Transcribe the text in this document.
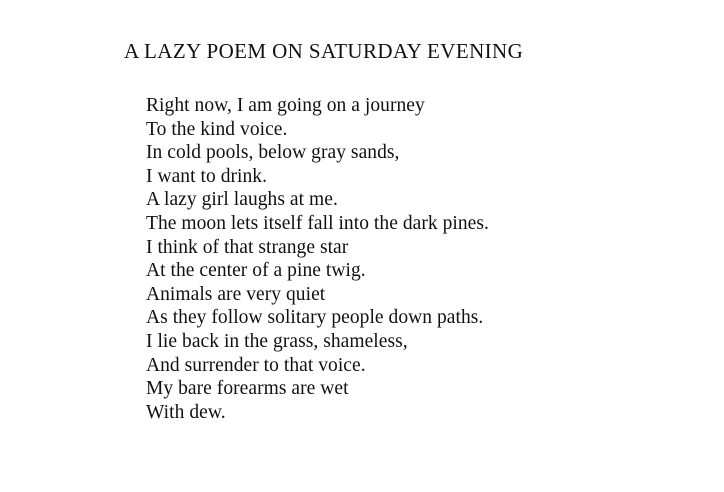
A LAZY POEM ON SATURDAY EVENING
Right now, I am going on a journey
To the kind voice.
In cold pools, below gray sands,
I want to drink.
A lazy girl laughs at me.
The moon lets itself fall into the dark pines.
I think of that strange star
At the center of a pine twig.
Animals are very quiet
As they follow solitary people down paths.
I lie back in the grass, shameless,
And surrender to that voice.
My bare forearms are wet
With dew.
